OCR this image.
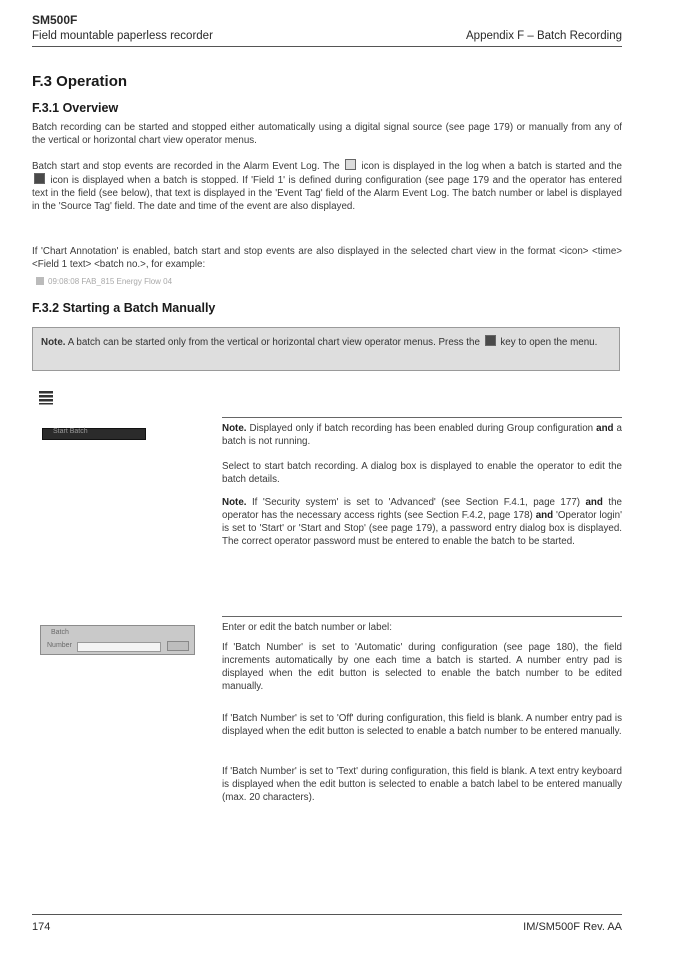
SM500F
Field mountable paperless recorder	Appendix F – Batch Recording
F.3 Operation
F.3.1 Overview
Batch recording can be started and stopped either automatically using a digital signal source (see page 179) or manually from any of the vertical or horizontal chart view operator menus.
Batch start and stop events are recorded in the Alarm Event Log. The icon is displayed in the log when a batch is started and the  icon is displayed when a batch is stopped. If 'Field 1' is defined during configuration (see page 179 and the operator has entered text in the field (see below), that text is displayed in the 'Event Tag' field of the Alarm Event Log. The batch number or label is displayed in the 'Source Tag' field. The date and time of the event are also displayed.
If 'Chart Annotation' is enabled, batch start and stop events are also displayed in the selected chart view in the format <icon> <time> <Field 1 text> <batch no.>, for example:
09:08:08 FAB_815 Energy Flow 04
F.3.2 Starting a Batch Manually
Note. A batch can be started only from the vertical or horizontal chart view operator menus. Press the key to open the menu.
Start Batch	Note. Displayed only if batch recording has been enabled during Group configuration and a batch is not running.
Select to start batch recording. A dialog box is displayed to enable the operator to edit the batch details.
Note. If 'Security system' is set to 'Advanced' (see Section F.4.1, page 177) and the operator has the necessary access rights (see Section F.4.2, page 178) and 'Operator login' is set to 'Start' or 'Start and Stop' (see page 179), a password entry dialog box is displayed. The correct operator password must be entered to enable the batch to be started.
Batch
Number
Enter or edit the batch number or label:
If 'Batch Number' is set to 'Automatic' during configuration (see page 180), the field increments automatically by one each time a batch is started. A number entry pad is displayed when the edit button is selected to enable the batch number to be edited manually.
If 'Batch Number' is set to 'Off' during configuration, this field is blank. A number entry pad is displayed when the edit button is selected to enable a batch number to be entered manually.
If 'Batch Number' is set to 'Text' during configuration, this field is blank. A text entry keyboard is displayed when the edit button is selected to enable a batch label to be entered manually (max. 20 characters).
174	IM/SM500F Rev. AA
